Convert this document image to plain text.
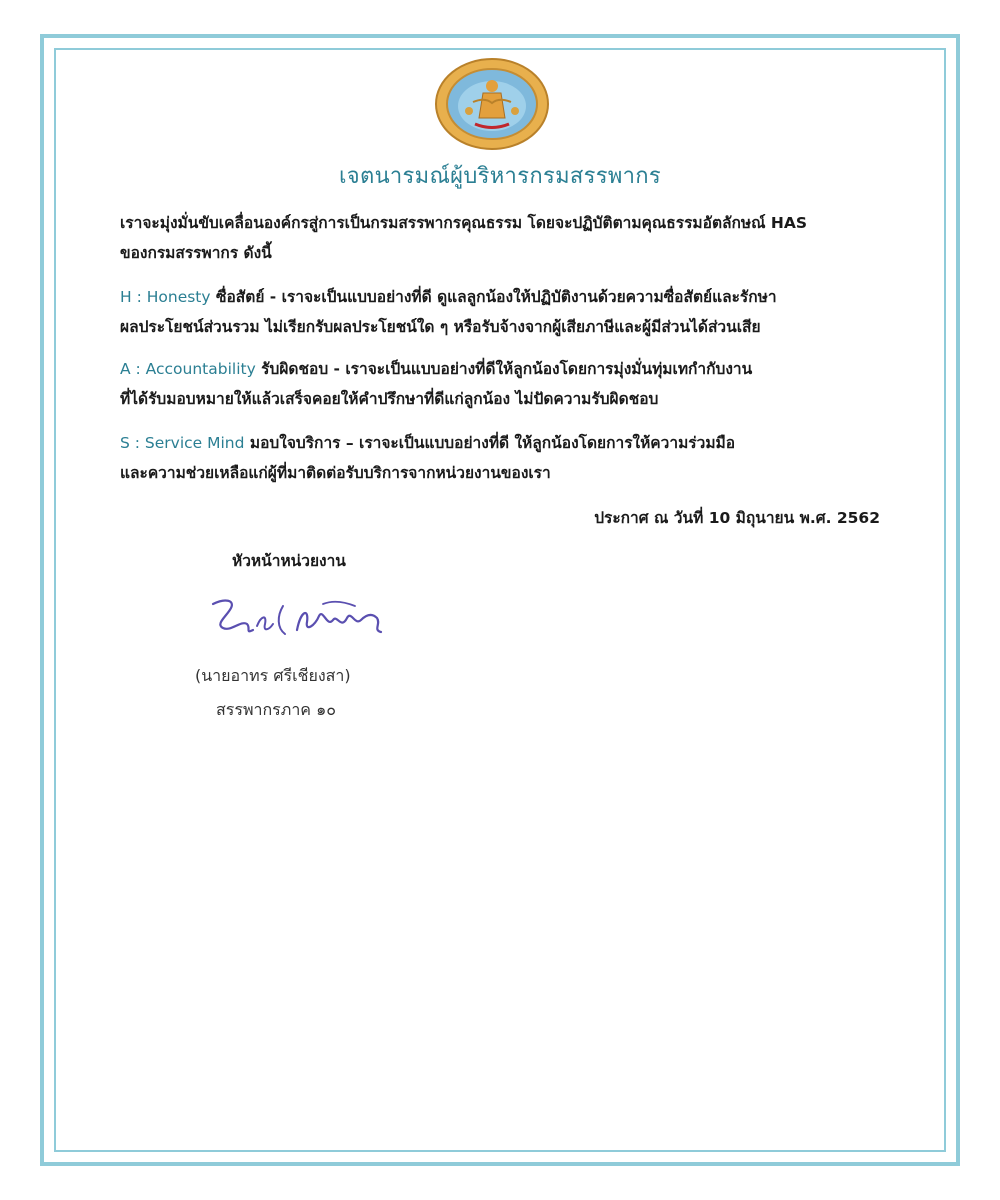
เจตนารมณ์ผู้บริหารกรมสรรพากร
เราจะมุ่งมั่นขับเคลื่อนองค์กรสู่การเป็นกรมสรรพากรคุณธรรม โดยจะปฏิบัติตามคุณธรรมอัตลักษณ์ HAS
ของกรมสรรพากร ดังนี้
H : Honesty ซื่อสัตย์ - เราจะเป็นแบบอย่างที่ดี ดูแลลูกน้องให้ปฏิบัติงานด้วยความซื่อสัตย์และรักษา
ผลประโยชน์ส่วนรวม ไม่เรียกรับผลประโยชน์ใด ๆ หรือรับจ้างจากผู้เสียภาษีและผู้มีส่วนได้ส่วนเสีย
A : Accountability รับผิดชอบ - เราจะเป็นแบบอย่างที่ดีให้ลูกน้องโดยการมุ่งมั่นทุ่มเทกำกับงาน
ที่ได้รับมอบหมายให้แล้วเสร็จคอยให้คำปรึกษาที่ดีแก่ลูกน้อง ไม่ปัดความรับผิดชอบ
S : Service Mind มอบใจบริการ – เราจะเป็นแบบอย่างที่ดี ให้ลูกน้องโดยการให้ความร่วมมือ
และความช่วยเหลือแก่ผู้ที่มาติดต่อรับบริการจากหน่วยงานของเรา
ประกาศ ณ วันที่ 10 มิถุนายน พ.ศ. 2562
หัวหน้าหน่วยงาน
(นายอาทร ศรีเชียงสา)
สรรพากรภาค ๑๐
